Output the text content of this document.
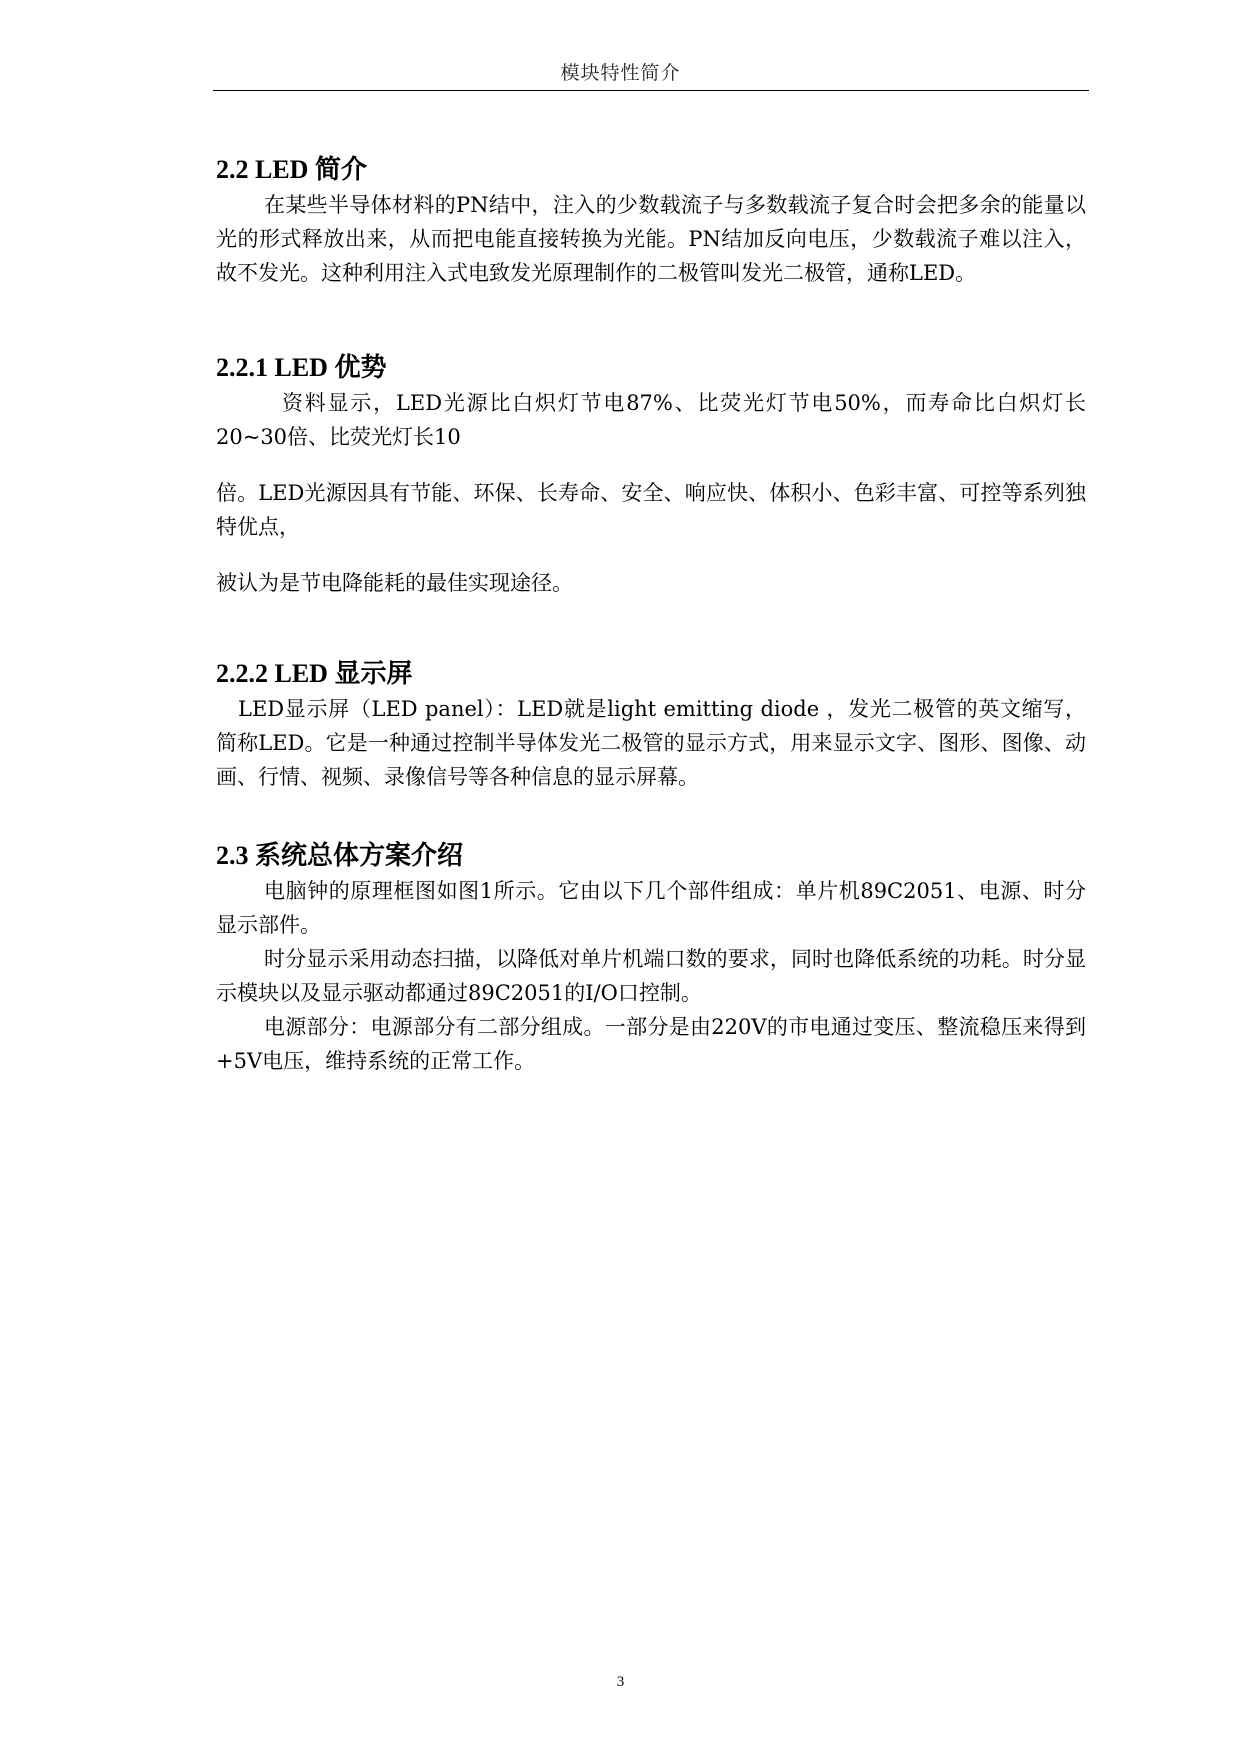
模块特性简介
2.2 LED 简介

在某些半导体材料的PN结中，注入的少数载流子与多数载流子复合时会把多余的能量以光的形式释放出来，从而把电能直接转换为光能。PN结加反向电压，少数载流子难以注入，故不发光。这种利用注入式电致发光原理制作的二极管叫发光二极管，通称LED。

2.2.1 LED 优势

资料显示，LED光源比白炽灯节电87%、比荧光灯节电50%，而寿命比白炽灯长20~30倍、比荧光灯长10

倍。LED光源因具有节能、环保、长寿命、安全、响应快、体积小、色彩丰富、可控等系列独特优点，

被认为是节电降能耗的最佳实现途径。

2.2.2 LED 显示屏

LED显示屏（LED panel）：LED就是light emitting diode ，发光二极管的英文缩写，简称LED。它是一种通过控制半导体发光二极管的显示方式，用来显示文字、图形、图像、动画、行情、视频、录像信号等各种信息的显示屏幕。

2.3 系统总体方案介绍

电脑钟的原理框图如图1所示。它由以下几个部件组成：单片机89C2051、电源、时分显示部件。

时分显示采用动态扫描，以降低对单片机端口数的要求，同时也降低系统的功耗。时分显示模块以及显示驱动都通过89C2051的I/O口控制。

电源部分：电源部分有二部分组成。一部分是由220V的市电通过变压、整流稳压来得到+5V电压，维持系统的正常工作。

3
